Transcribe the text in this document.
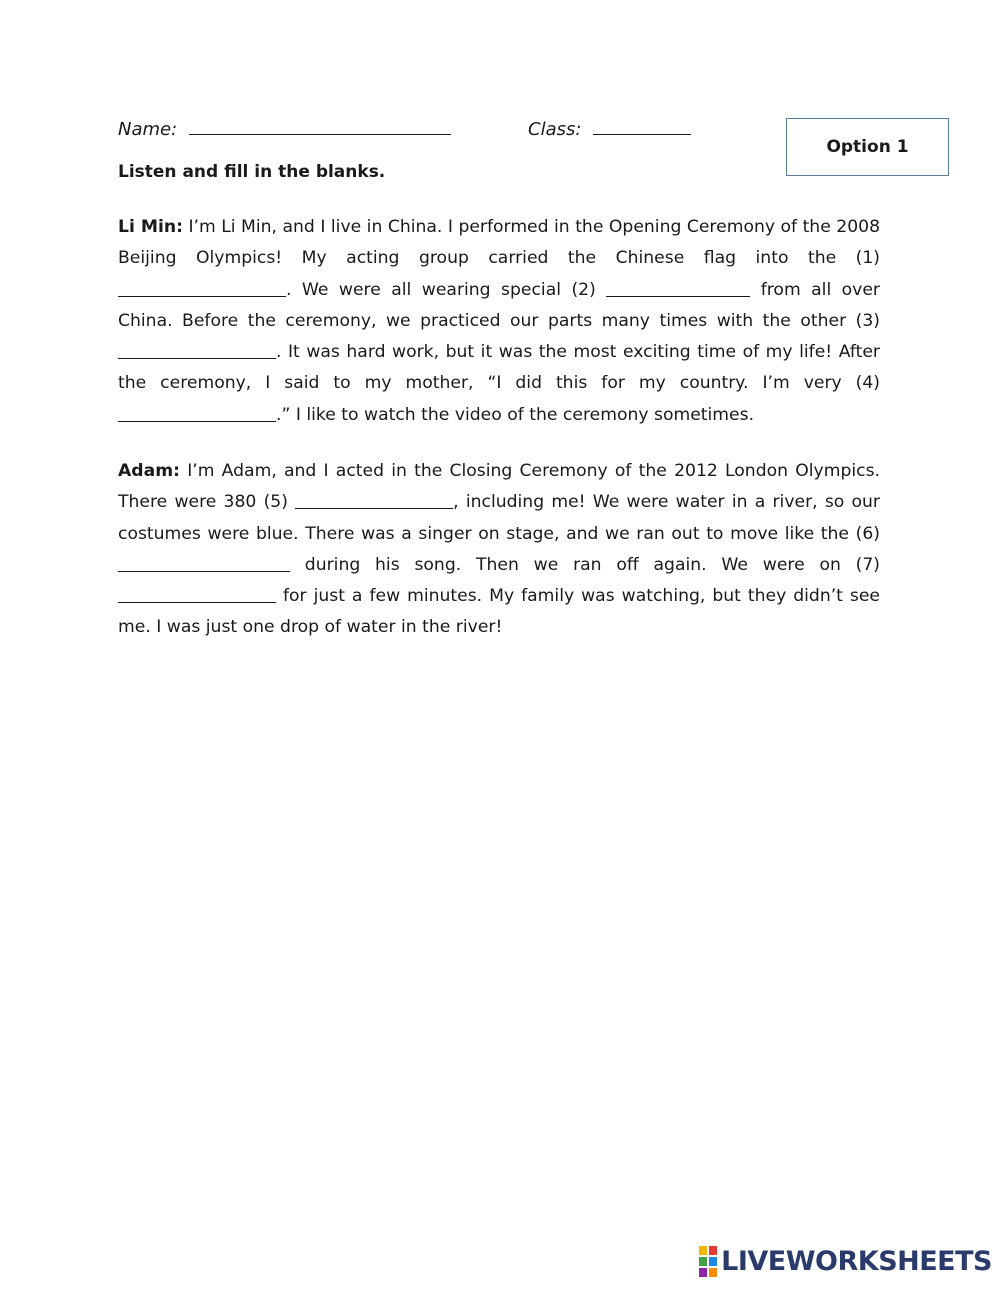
Name:	Class:
Option 1
Listen and fill in the blanks.
Li Min: I’m Li Min, and I live in China. I performed in the Opening Ceremony of the 2008 Beijing Olympics! My acting group carried the Chinese flag into the (1) . We were all wearing special (2)	from all over China. Before the ceremony, we practiced our parts many times with the other (3) . It was hard work, but it was the most exciting time of my life! After the ceremony, I said to my mother, “I did this for my country. I’m very (4) .” I like to watch the video of the ceremony sometimes.
Adam: I’m Adam, and I acted in the Closing Ceremony of the 2012 London Olympics. There were 380 (5)	, including me! We were water in a river, so our costumes were blue. There was a singer on stage, and we ran out to move like the (6)  during his song. Then we ran off again. We were on (7)  for just a few minutes. My family was watching, but they didn’t see me. I was just one drop of water in the river!
LIVEWORKSHEETS
